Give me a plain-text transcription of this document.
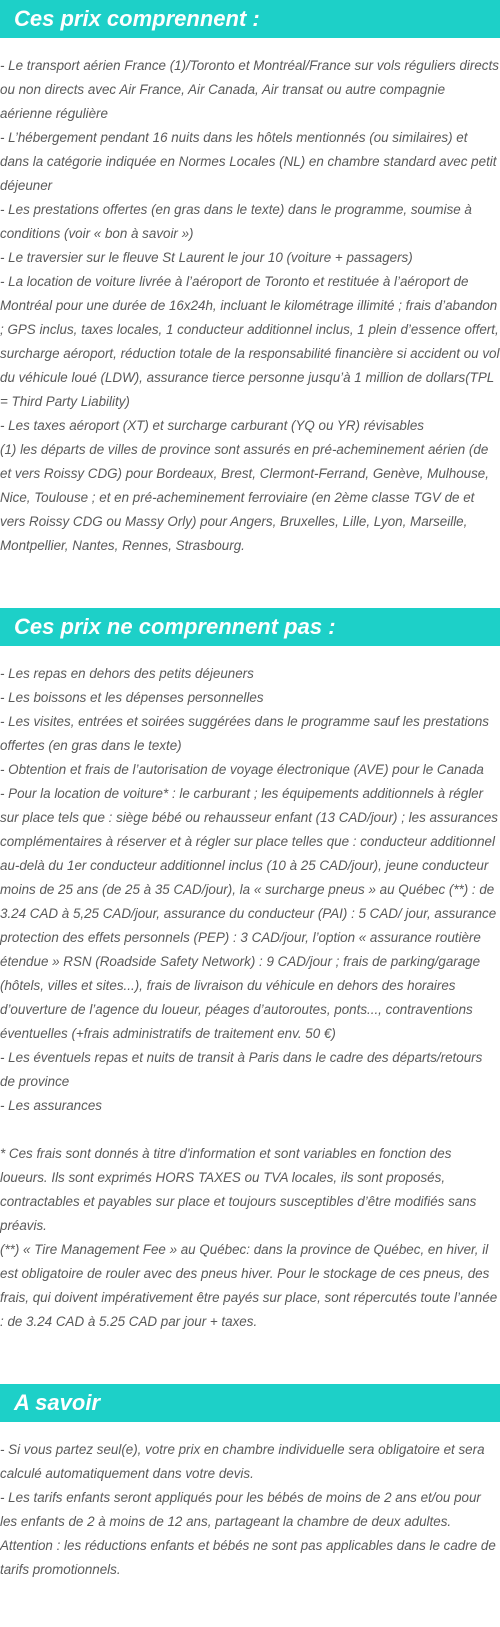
Ces prix comprennent :

- Le transport aérien France (1)/Toronto et Montréal/France sur vols réguliers directs ou non directs avec Air France, Air Canada, Air transat ou autre compagnie aérienne régulière

- L’hébergement pendant 16 nuits dans les hôtels mentionnés (ou similaires) et dans la catégorie indiquée en Normes Locales (NL) en chambre standard avec petit déjeuner

- Les prestations offertes (en gras dans le texte) dans le programme, soumise à conditions (voir « bon à savoir »)

- Le traversier sur le fleuve St Laurent le jour 10 (voiture + passagers)

- La location de voiture livrée à l’aéroport de Toronto et restituée à l’aéroport de Montréal pour une durée de 16x24h, incluant le kilométrage illimité ; frais d’abandon ; GPS inclus, taxes locales, 1 conducteur additionnel inclus, 1 plein d’essence offert, surcharge aéroport, réduction totale de la responsabilité financière si accident ou vol du véhicule loué (LDW), assurance tierce personne jusqu’à 1 million de dollars(TPL = Third Party Liability)

- Les taxes aéroport (XT) et surcharge carburant (YQ ou YR) révisables

(1) les départs de villes de province sont assurés en pré-acheminement aérien (de et vers Roissy CDG) pour Bordeaux, Brest, Clermont-Ferrand, Genève, Mulhouse, Nice, Toulouse ; et en pré-acheminement ferroviaire (en 2ème classe TGV de et vers Roissy CDG ou Massy Orly) pour Angers, Bruxelles, Lille, Lyon, Marseille, Montpellier, Nantes, Rennes, Strasbourg.

Ces prix ne comprennent pas :

- Les repas en dehors des petits déjeuners

- Les boissons et les dépenses personnelles

- Les visites, entrées et soirées suggérées dans le programme sauf les prestations offertes (en gras dans le texte)

- Obtention et frais de l’autorisation de voyage électronique (AVE) pour le Canada

- Pour la location de voiture* : le carburant ; les équipements additionnels à régler sur place tels que : siège bébé ou rehausseur enfant (13 CAD/jour) ; les assurances complémentaires à réserver et à régler sur place telles que : conducteur additionnel au-delà du 1er conducteur additionnel inclus (10 à 25 CAD/jour), jeune conducteur moins de 25 ans (de 25 à 35 CAD/jour), la « surcharge pneus » au Québec (**) : de 3.24 CAD à 5,25 CAD/jour, assurance du conducteur (PAI) : 5 CAD/ jour, assurance protection des effets personnels (PEP) : 3 CAD/jour, l’option « assurance routière étendue » RSN (Roadside Safety Network) : 9 CAD/jour ; frais de parking/garage (hôtels, villes et sites...), frais de livraison du véhicule en dehors des horaires d’ouverture de l’agence du loueur, péages d’autoroutes, ponts..., contraventions éventuelles (+frais administratifs de traitement env. 50 €)

- Les éventuels repas et nuits de transit à Paris dans le cadre des départs/retours de province

- Les assurances

* Ces frais sont donnés à titre d'information et sont variables en fonction des loueurs. Ils sont exprimés HORS TAXES ou TVA locales, ils sont proposés, contractables et payables sur place et toujours susceptibles d’être modifiés sans préavis.

(**) « Tire Management Fee » au Québec: dans la province de Québec, en hiver, il est obligatoire de rouler avec des pneus hiver. Pour le stockage de ces pneus, des frais, qui doivent impérativement être payés sur place, sont répercutés toute l’année : de 3.24 CAD à 5.25 CAD par jour + taxes.

A savoir

- Si vous partez seul(e), votre prix en chambre individuelle sera obligatoire et sera calculé automatiquement dans votre devis.

- Les tarifs enfants seront appliqués pour les bébés de moins de 2 ans et/ou pour les enfants de 2 à moins de 12 ans, partageant la chambre de deux adultes. Attention : les réductions enfants et bébés ne sont pas applicables dans le cadre de tarifs promotionnels.
